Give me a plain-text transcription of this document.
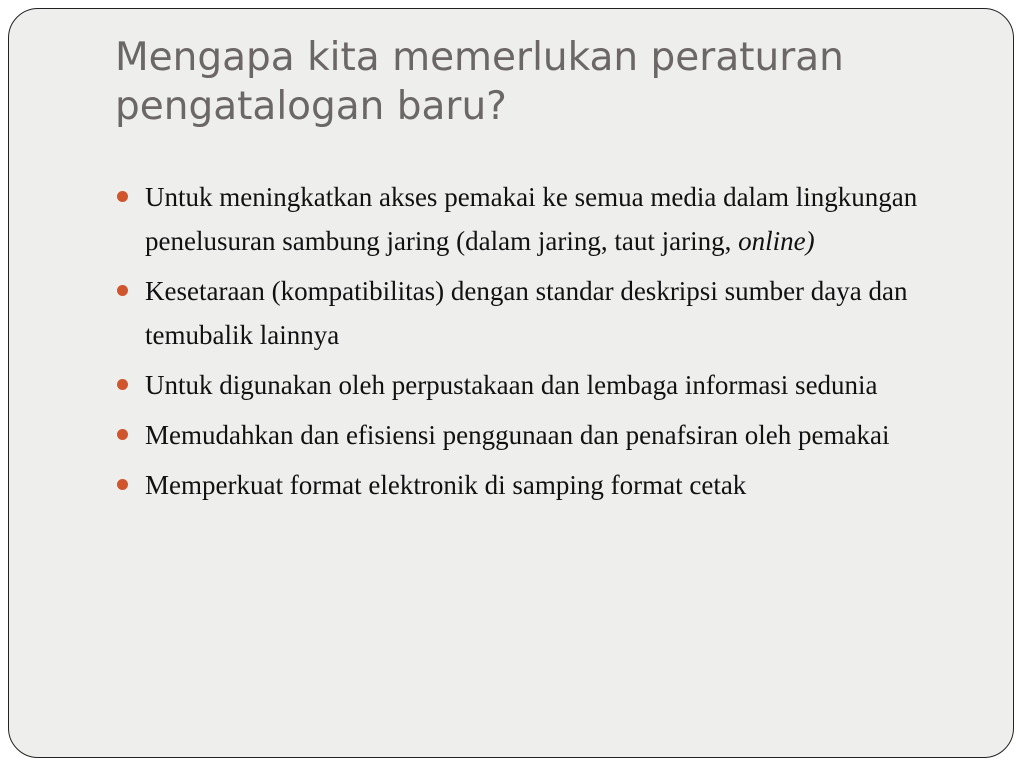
Mengapa kita memerlukan peraturan pengatalogan baru?
Untuk meningkatkan akses pemakai ke semua media dalam lingkungan penelusuran sambung jaring (dalam jaring, taut jaring, online)
Kesetaraan (kompatibilitas) dengan standar deskripsi sumber daya dan temubalik lainnya
Untuk digunakan oleh perpustakaan dan lembaga informasi sedunia
Memudahkan dan efisiensi penggunaan dan penafsiran oleh pemakai
Memperkuat format elektronik di samping format cetak
